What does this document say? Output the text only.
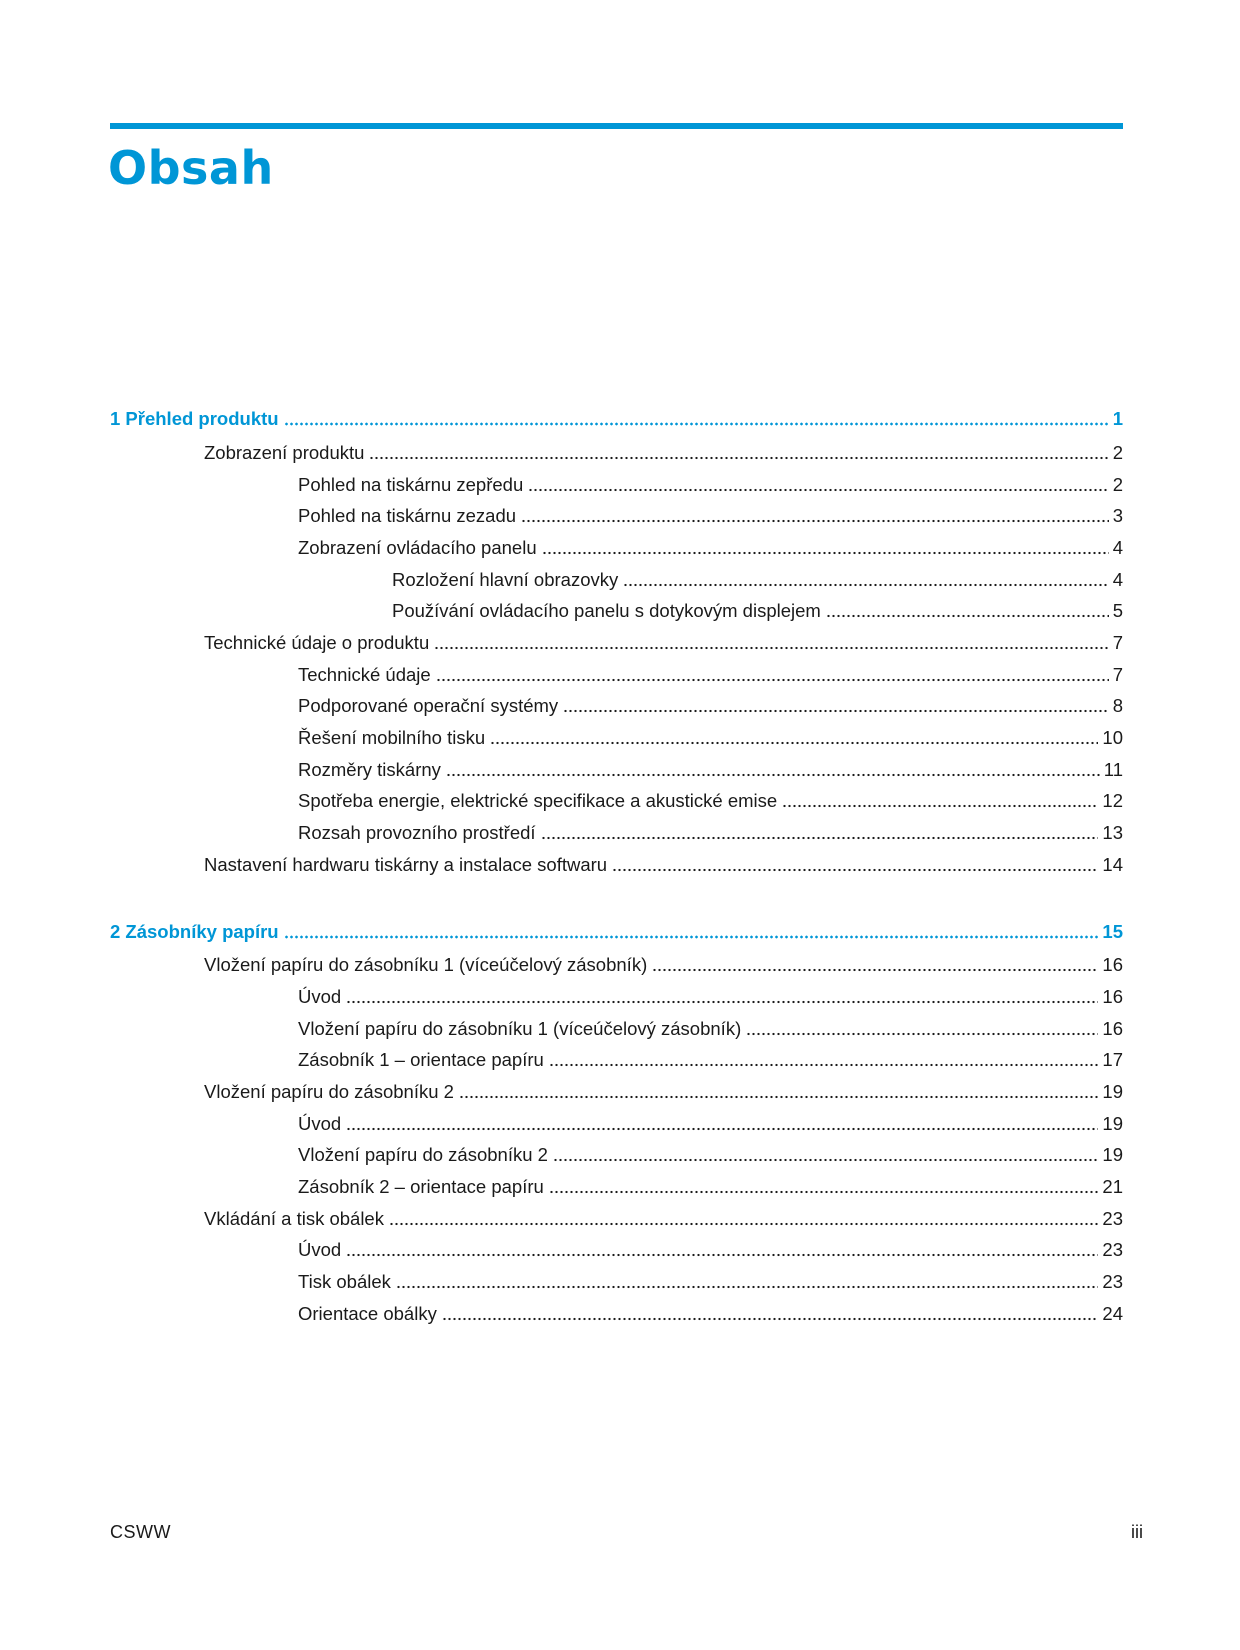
Obsah
1 Přehled produktu	1
Zobrazení produktu	2
Pohled na tiskárnu zepředu	2
Pohled na tiskárnu zezadu	3
Zobrazení ovládacího panelu	4
Rozložení hlavní obrazovky	4
Používání ovládacího panelu s dotykovým displejem	5
Technické údaje o produktu	7
Technické údaje	7
Podporované operační systémy	8
Řešení mobilního tisku	10
Rozměry tiskárny	11
Spotřeba energie, elektrické specifikace a akustické emise	12
Rozsah provozního prostředí	13
Nastavení hardwaru tiskárny a instalace softwaru	14
2 Zásobníky papíru	15
Vložení papíru do zásobníku 1 (víceúčelový zásobník)	16
Úvod	16
Vložení papíru do zásobníku 1 (víceúčelový zásobník)	16
Zásobník 1 – orientace papíru	17
Vložení papíru do zásobníku 2	19
Úvod	19
Vložení papíru do zásobníku 2	19
Zásobník 2 – orientace papíru	21
Vkládání a tisk obálek	23
Úvod	23
Tisk obálek	23
Orientace obálky	24
CSWW	iii
